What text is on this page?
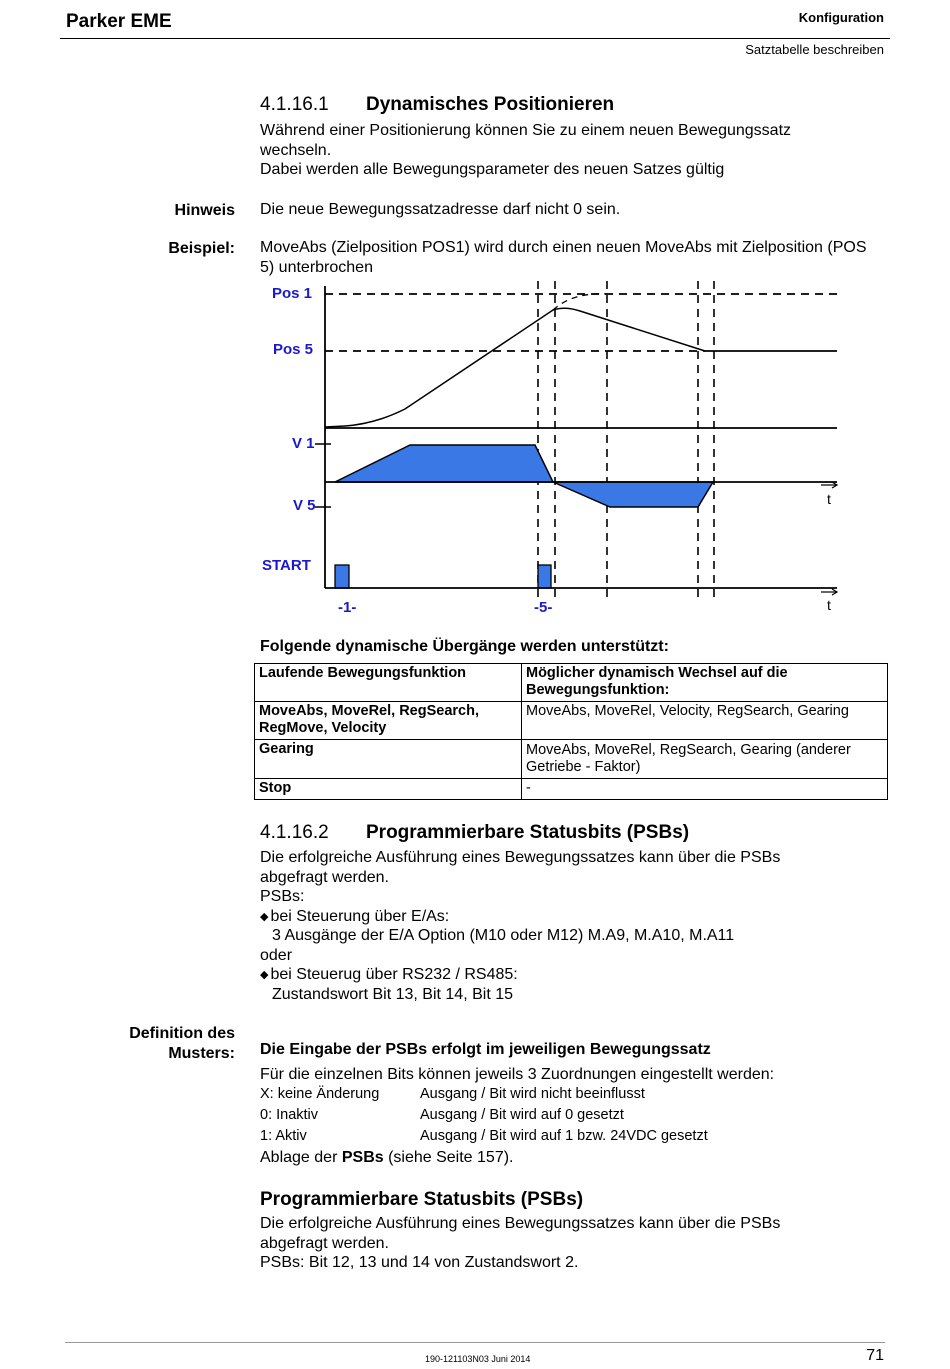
Parker EME	Konfiguration
Satztabelle beschreiben
4.1.16.1 Dynamisches Positionieren
Während einer Positionierung können Sie zu einem neuen Bewegungssatz wechseln.
Dabei werden alle Bewegungsparameter des neuen Satzes gültig
Hinweis Die neue Bewegungssatzadresse darf nicht 0 sein.
Beispiel: MoveAbs (Zielposition POS1) wird durch einen neuen MoveAbs mit Zielposition (POS 5) unterbrochen
Pos 1
Pos 5
V 1
V 5
START
-1-	-5-
t
t
Folgende dynamische Übergänge werden unterstützt:
Laufende Bewegungsfunktion	Möglicher dynamisch Wechsel auf die Bewegungsfunktion:
MoveAbs, MoveRel, RegSearch, RegMove, Velocity	MoveAbs, MoveRel, Velocity, RegSearch, Gearing
Gearing	MoveAbs, MoveRel, RegSearch, Gearing (anderer Getriebe - Faktor)
Stop	-
4.1.16.2 Programmierbare Statusbits (PSBs)
Die erfolgreiche Ausführung eines Bewegungssatzes kann über die PSBs abgefragt werden.
PSBs:
◆ bei Steuerung über E/As:
3 Ausgänge der E/A Option (M10 oder M12) M.A9, M.A10, M.A11
oder
◆ bei Steuerug über RS232 / RS485:
Zustandswort Bit 13, Bit 14, Bit 15
Definition des Musters: Die Eingabe der PSBs erfolgt im jeweiligen Bewegungssatz
Für die einzelnen Bits können jeweils 3 Zuordnungen eingestellt werden:
X: keine Änderung	Ausgang / Bit wird nicht beeinflusst
0: Inaktiv	Ausgang / Bit wird auf 0 gesetzt
1: Aktiv	Ausgang / Bit wird auf 1 bzw. 24VDC gesetzt
Ablage der PSBs (siehe Seite 157).
Programmierbare Statusbits (PSBs)
Die erfolgreiche Ausführung eines Bewegungssatzes kann über die PSBs abgefragt werden.
PSBs: Bit 12, 13 und 14 von Zustandswort 2.
190-121103N03 Juni 2014	71
